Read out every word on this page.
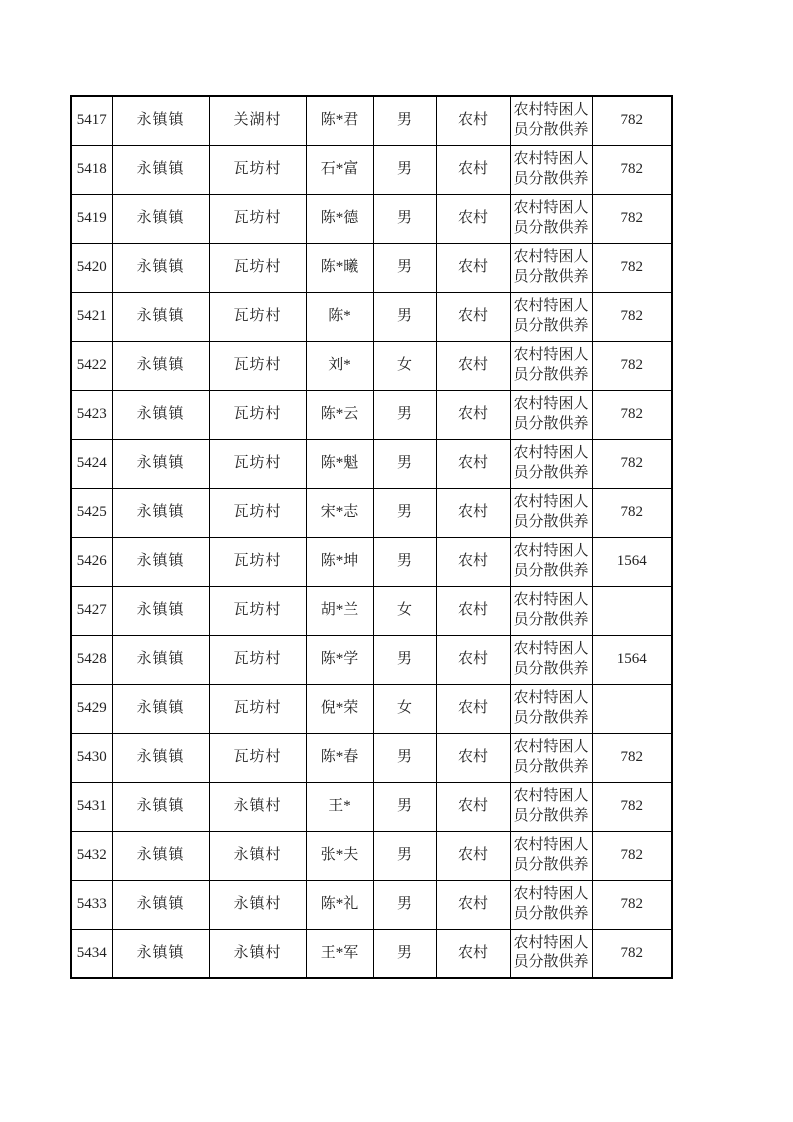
5417	永镇镇	关湖村	陈*君	男	农村	农村特困人员分散供养	782
5418	永镇镇	瓦坊村	石*富	男	农村	农村特困人员分散供养	782
5419	永镇镇	瓦坊村	陈*德	男	农村	农村特困人员分散供养	782
5420	永镇镇	瓦坊村	陈*曦	男	农村	农村特困人员分散供养	782
5421	永镇镇	瓦坊村	陈*	男	农村	农村特困人员分散供养	782
5422	永镇镇	瓦坊村	刘*	女	农村	农村特困人员分散供养	782
5423	永镇镇	瓦坊村	陈*云	男	农村	农村特困人员分散供养	782
5424	永镇镇	瓦坊村	陈*魁	男	农村	农村特困人员分散供养	782
5425	永镇镇	瓦坊村	宋*志	男	农村	农村特困人员分散供养	782
5426	永镇镇	瓦坊村	陈*坤	男	农村	农村特困人员分散供养	1564
5427	永镇镇	瓦坊村	胡*兰	女	农村	农村特困人员分散供养	
5428	永镇镇	瓦坊村	陈*学	男	农村	农村特困人员分散供养	1564
5429	永镇镇	瓦坊村	倪*荣	女	农村	农村特困人员分散供养	
5430	永镇镇	瓦坊村	陈*春	男	农村	农村特困人员分散供养	782
5431	永镇镇	永镇村	王*	男	农村	农村特困人员分散供养	782
5432	永镇镇	永镇村	张*夫	男	农村	农村特困人员分散供养	782
5433	永镇镇	永镇村	陈*礼	男	农村	农村特困人员分散供养	782
5434	永镇镇	永镇村	王*军	男	农村	农村特困人员分散供养	782
